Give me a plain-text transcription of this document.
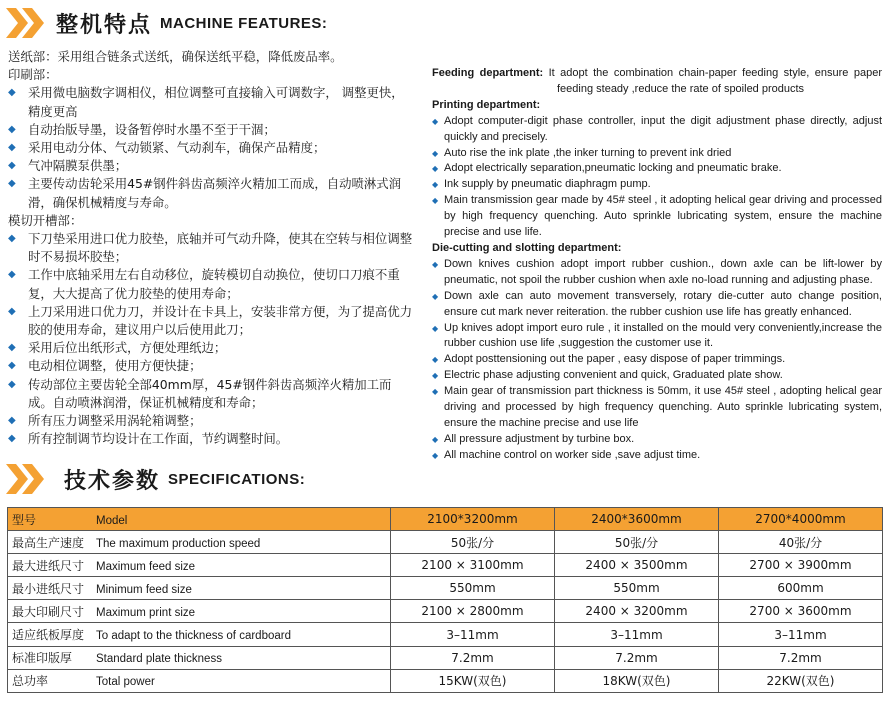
整机特点 MACHINE FEATURES:
送纸部：采用组合链条式送纸，确保送纸平稳，降低废品率。
印刷部：
◆ 采用微电脑数字调相仪，相位调整可直接输入可调数字， 调整更快，精度更高
◆ 自动抬版导墨，设备暂停时水墨不至于干涸；
◆ 采用电动分体、气动锁紧、气动刹车，确保产品精度；
◆ 气冲隔膜泵供墨；
◆ 主要传动齿轮采用45#钢件斜齿高频淬火精加工而成，自动喷淋式润滑，确保机械精度与寿命。
模切开槽部：
◆ 下刀垫采用进口优力胶垫，底轴并可气动升降，使其在空转与相位调整时不易损坏胶垫；
◆ 工作中底轴采用左右自动移位，旋转模切自动换位，使切口刀痕不重复，大大提高了优力胶垫的使用寿命；
◆ 上刀采用进口优力刀，并设计在卡具上，安装非常方便，为了提高优力胶的使用寿命，建议用户以后使用此刀；
◆ 采用后位出纸形式，方便处理纸边；
◆ 电动相位调整，使用方便快捷；
◆ 传动部位主要齿轮全部40mm厚，45#钢件斜齿高频淬火精加工而成。自动喷淋润滑，保证机械精度和寿命；
◆ 所有压力调整采用涡轮箱调整；
◆ 所有控制调节均设计在工作面，节约调整时间。
Feeding department: It adopt the combination chain-paper feeding style, ensure paper feeding steady ,reduce the rate of spoiled products
Printing department:
◆ Adopt computer-digit phase controller, input the digit adjustment phase directly, adjust quickly and precisely.
◆ Auto rise the ink plate ,the inker turning to prevent ink dried
◆ Adopt electrically separation,pneumatic locking and pneumatic brake.
◆ Ink supply by pneumatic diaphragm pump.
◆ Main transmission gear made by 45# steel , it adopting helical gear driving and processed by high frequency quenching. Auto sprinkle lubricating system, ensure the machine precise and use life.
Die-cutting and slotting department:
◆ Down knives cushion adopt import rubber cushion., down axle can be lift-lower by pneumatic, not spoil the rubber cushion when axle no-load running and adjusting phase.
◆ Down axle can auto movement transversely, rotary die-cutter auto change position, ensure cut mark never reiteration. the rubber cushion use life has greatly enhanced.
◆ Up knives adopt import euro rule , it installed on the mould very conveniently,increase the rubber cushion use life ,suggestion the customer use it.
◆ Adopt posttensioning out the paper , easy dispose of paper trimmings.
◆ Electric phase adjusting convenient and quick, Graduated plate show.
◆ Main gear of transmission part thickness is 50mm, it use 45# steel , adopting helical gear driving and processed by high frequency quenching. Auto sprinkle lubricating system, ensure the machine precise and use life
◆ All pressure adjustment by turbine box.
◆ All machine control on worker side ,save adjust time.
技术参数 SPECIFICATIONS:
型号 Model	2100*3200mm	2400*3600mm	2700*4000mm
最高生产速度 The maximum production speed	50张/分	50张/分	40张/分
最大进纸尺寸 Maximum feed size	2100 × 3100mm	2400 × 3500mm	2700 × 3900mm
最小进纸尺寸 Minimum feed size	550mm	550mm	600mm
最大印刷尺寸 Maximum print size	2100 × 2800mm	2400 × 3200mm	2700 × 3600mm
适应纸板厚度 To adapt to the thickness of cardboard	3–11mm	3–11mm	3–11mm
标准印版厚 Standard plate thickness	7.2mm	7.2mm	7.2mm
总功率 Total power	15KW(双色)	18KW(双色)	22KW(双色)
